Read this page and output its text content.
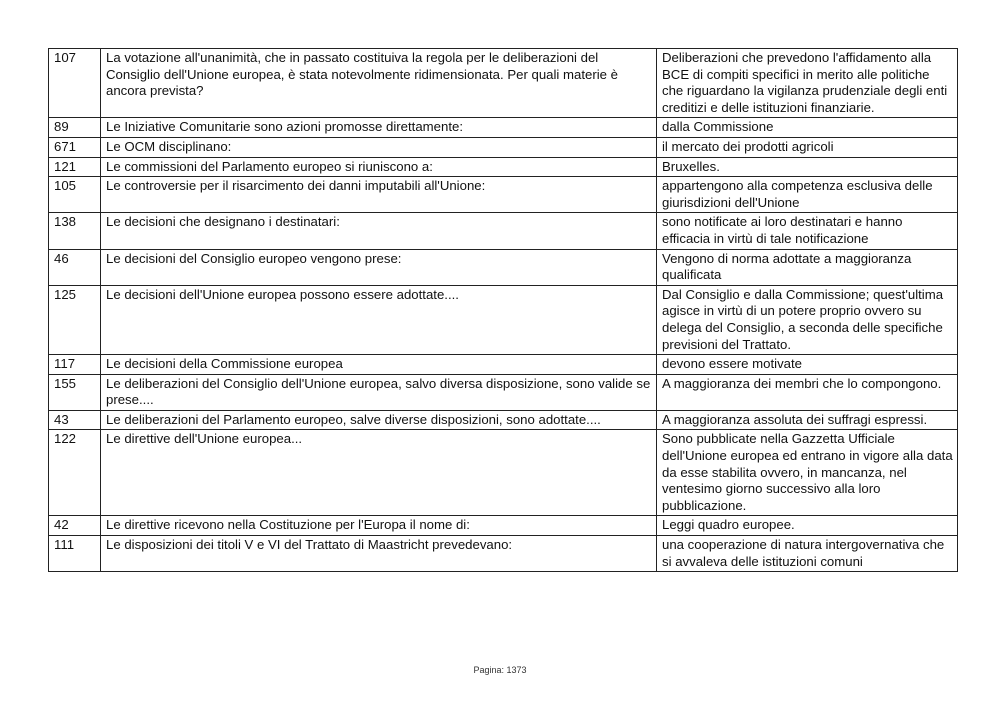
107	La votazione all'unanimità, che in passato costituiva la regola per le deliberazioni del Consiglio dell'Unione europea, è stata notevolmente ridimensionata. Per quali materie è ancora prevista?	Deliberazioni che prevedono l'affidamento alla BCE di compiti specifici in merito alle politiche che riguardano la vigilanza prudenziale degli enti creditizi e delle istituzioni finanziarie.
89	Le Iniziative Comunitarie sono azioni promosse direttamente:	dalla Commissione
671	Le OCM disciplinano:	il mercato dei prodotti agricoli
121	Le commissioni del Parlamento europeo si riuniscono a:	Bruxelles.
105	Le controversie per il risarcimento dei danni imputabili all'Unione:	appartengono alla competenza esclusiva delle giurisdizioni dell'Unione
138	Le decisioni che designano i destinatari:	sono notificate ai loro destinatari e hanno efficacia in virtù di tale notificazione
46	Le decisioni del Consiglio europeo vengono prese:	Vengono di norma adottate a maggioranza qualificata
125	Le decisioni dell'Unione europea possono essere adottate....	Dal Consiglio e dalla Commissione; quest'ultima agisce in virtù di un potere proprio ovvero su delega del Consiglio, a seconda delle specifiche previsioni del Trattato.
117	Le decisioni della Commissione europea	devono essere motivate
155	Le deliberazioni del Consiglio dell'Unione europea, salvo diversa disposizione, sono valide se prese....	A maggioranza dei membri che lo compongono.
43	Le deliberazioni del Parlamento europeo, salve diverse disposizioni, sono adottate....	A maggioranza assoluta dei suffragi espressi.
122	Le direttive dell'Unione europea...	Sono pubblicate nella Gazzetta Ufficiale dell'Unione europea ed entrano in vigore alla data da esse stabilita ovvero, in mancanza, nel ventesimo giorno successivo alla loro pubblicazione.
42	Le direttive ricevono nella Costituzione per l'Europa il nome di:	Leggi quadro europee.
111	Le disposizioni dei titoli V e VI del Trattato di Maastricht prevedevano:	una cooperazione di natura intergovernativa che si avvaleva delle istituzioni comuni
Pagina: 1373
